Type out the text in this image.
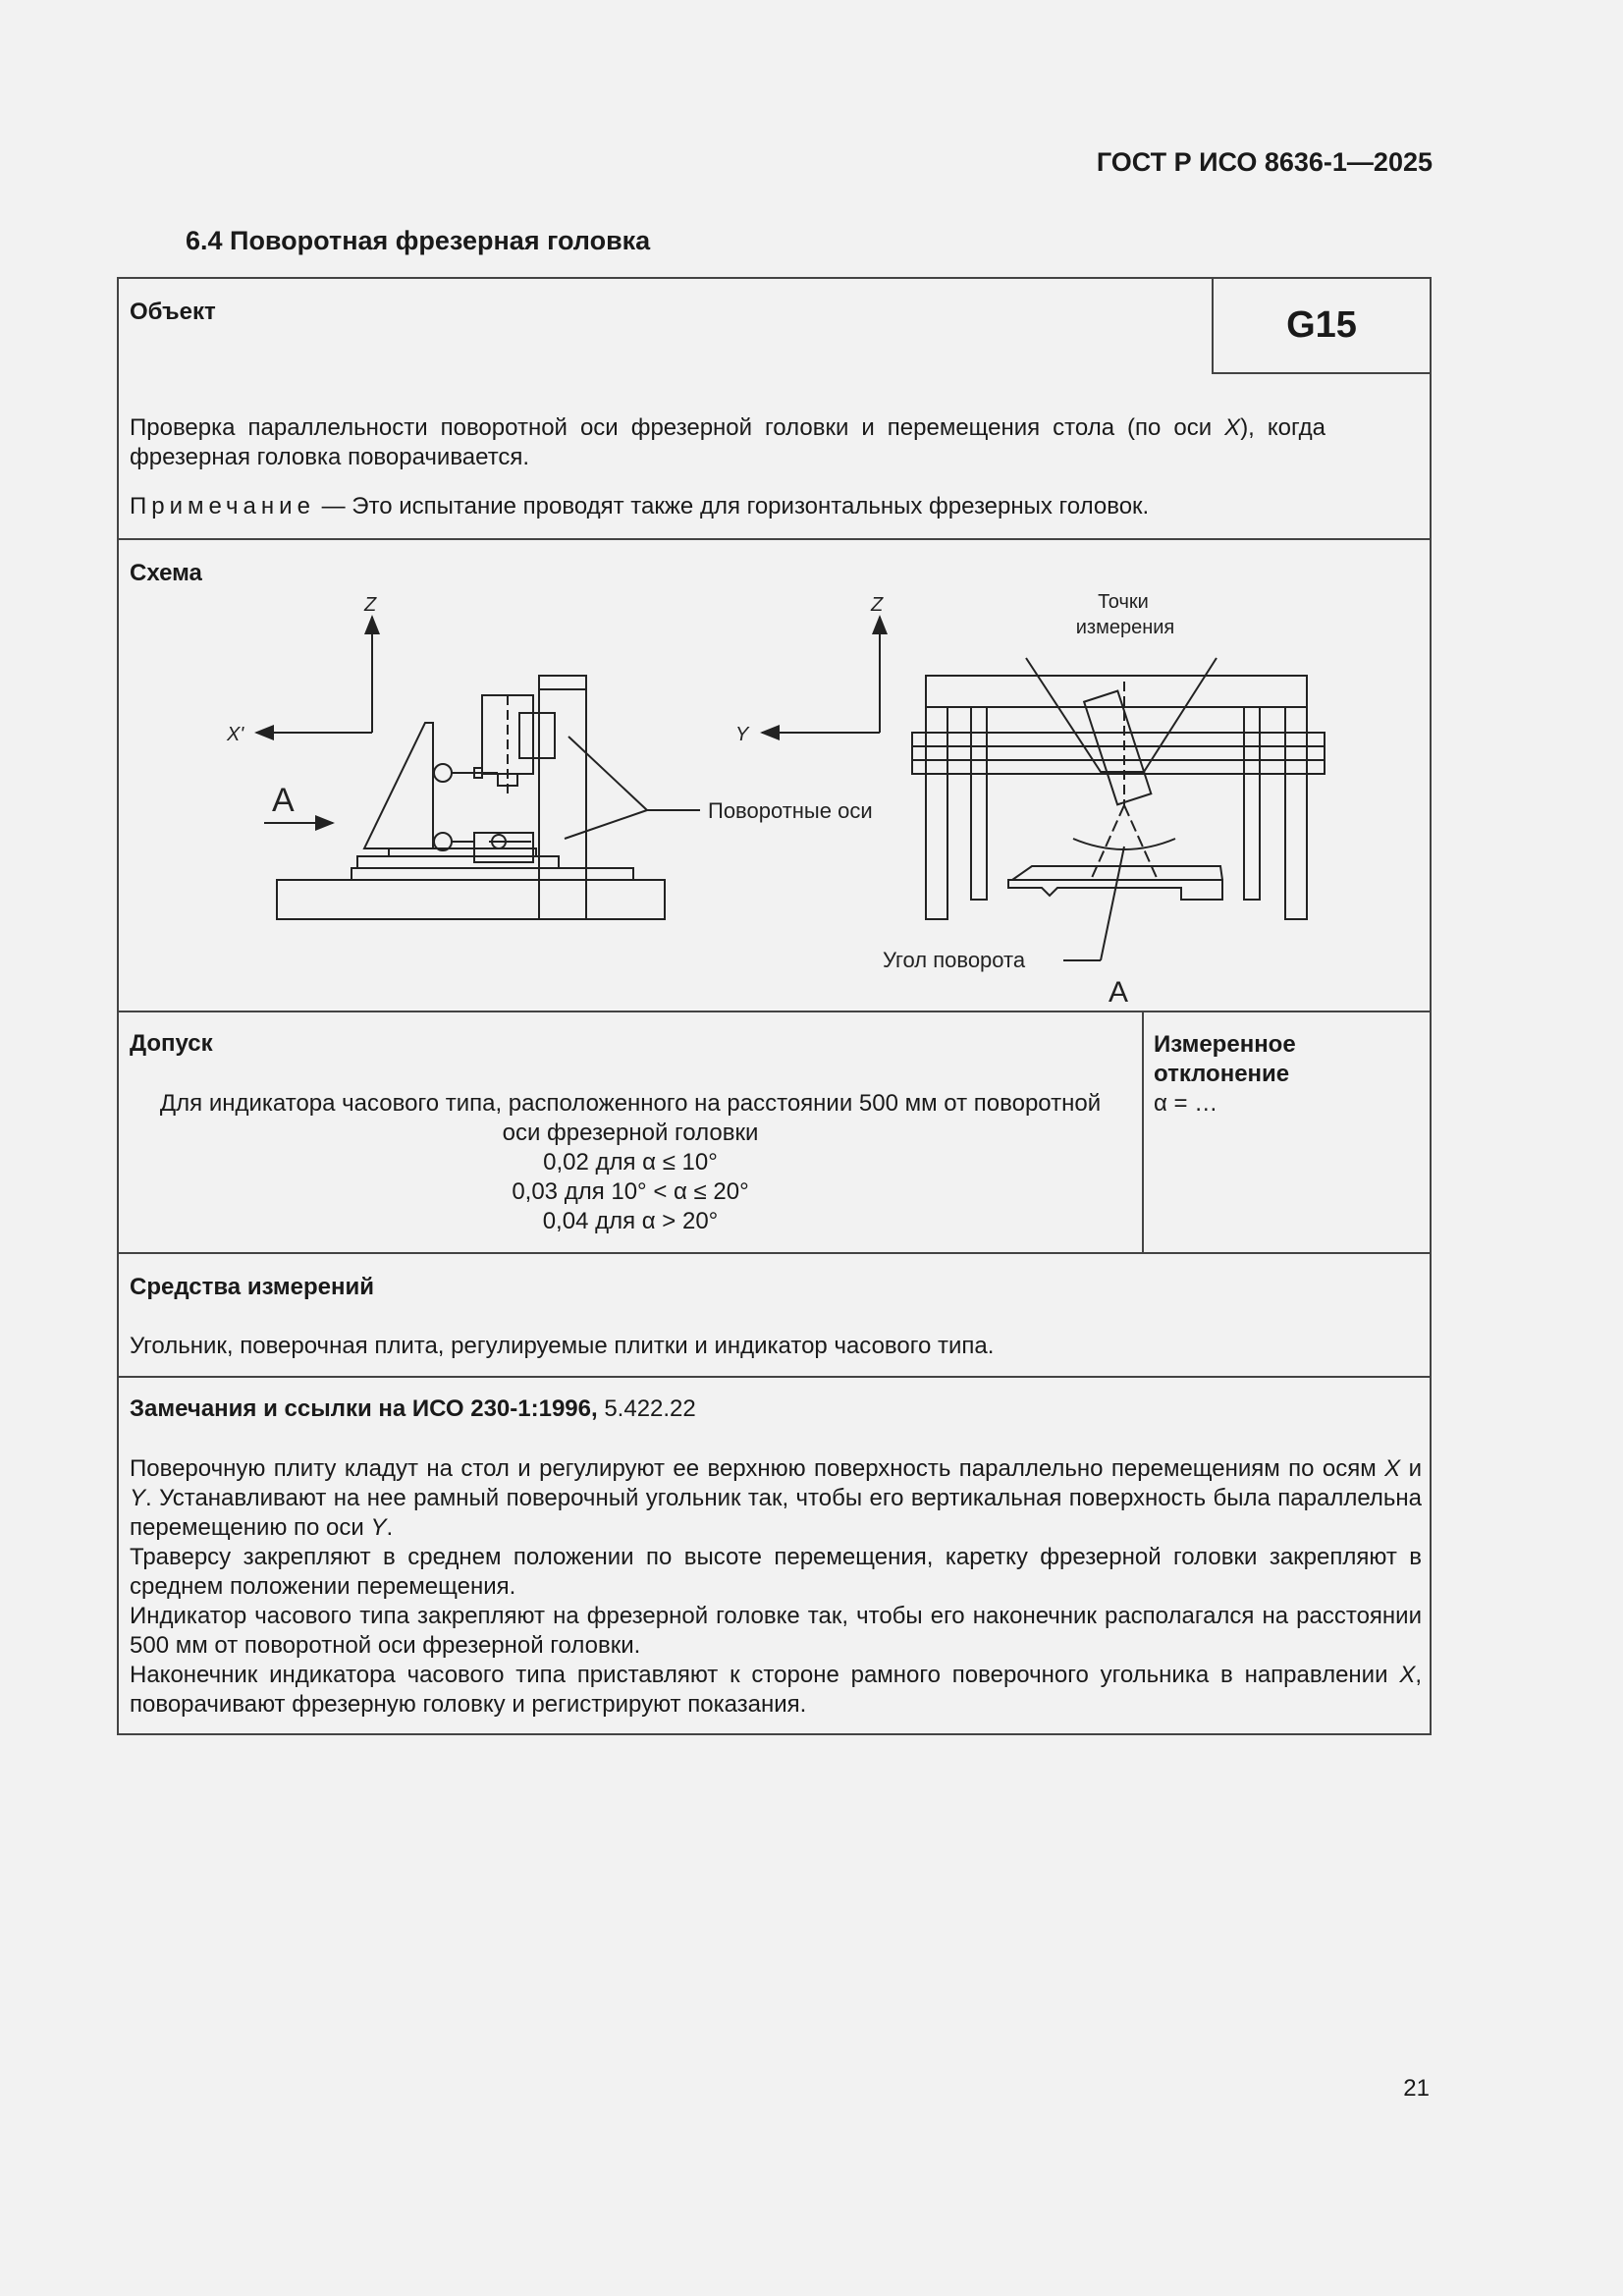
ГОСТ Р ИСО 8636-1—2025
6.4 Поворотная фрезерная головка
Объект	G15
Проверка параллельности поворотной оси фрезерной головки и перемещения стола (по оси X), когда фрезерная головка поворачивается.
Примечание — Это испытание проводят также для горизонтальных фрезерных головок.
Схема
Z
X'
A	Поворотные оси
Z
Y
Точки
измерения
Угол поворота
A
Допуск
Для индикатора часового типа, расположенного на расстоянии 500 мм от поворотной
оси фрезерной головки
0,02 для α ≤ 10°
0,03 для 10° < α ≤ 20°
0,04 для α > 20°
Измеренное
отклонение
α = …
Средства измерений
Угольник, поверочная плита, регулируемые плитки и индикатор часового типа.
Замечания и ссылки на ИСО 230-1:1996, 5.422.22

Поверочную плиту кладут на стол и регулируют ее верхнюю поверхность параллельно перемещениям по осям X и Y. Устанавливают на нее рамный поверочный угольник так, чтобы его вертикальная поверхность была параллельна перемещению по оси Y.

Траверсу закрепляют в среднем положении по высоте перемещения, каретку фрезерной головки закрепляют в среднем положении перемещения.

Индикатор часового типа закрепляют на фрезерной головке так, чтобы его наконечник располагался на расстоянии 500 мм от поворотной оси фрезерной головки.

Наконечник индикатора часового типа приставляют к стороне рамного поверочного угольника в направлении X, поворачивают фрезерную головку и регистрируют показания.

21
